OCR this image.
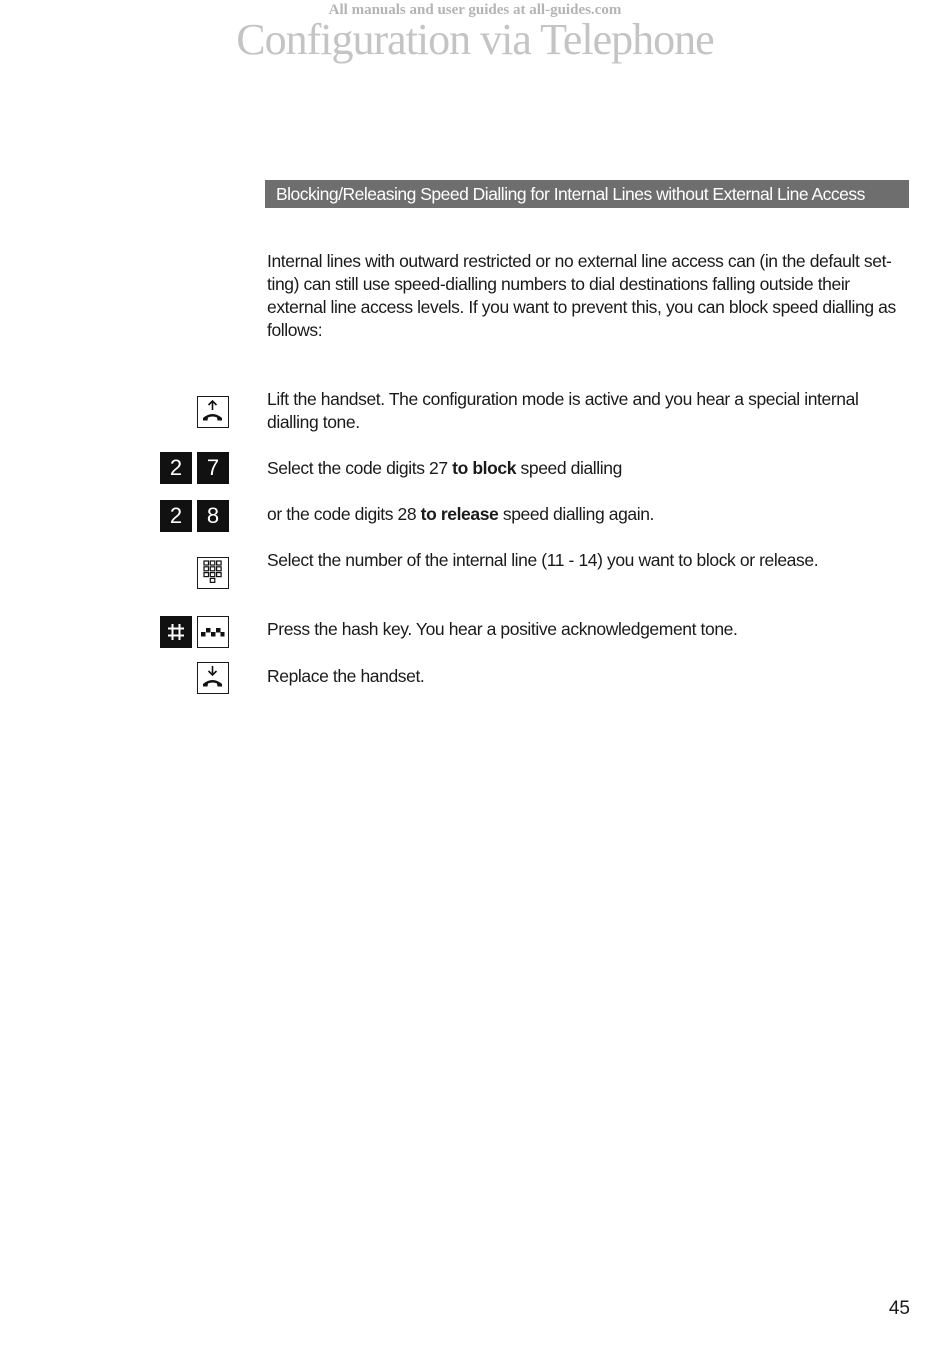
All manuals and user guides at all-guides.com
Configuration via Telephone
Blocking/Releasing Speed Dialling for Internal Lines without External Line Access

Internal lines with outward restricted or no external line access can (in the default set-ting) can still use speed-dialling numbers to dial destinations falling outside their external line access levels. If you want to prevent this, you can block speed dialling as follows:

Lift the handset. The configuration mode is active and you hear a special internal dialling tone.

2	7	Select the code digits 27 to block speed dialling

2	8	or the code digits 28 to release speed dialling again.

Select the number of the internal line (11 - 14) you want to block or release.

Press the hash key. You hear a positive acknowledgement tone.

Replace the handset.

45
